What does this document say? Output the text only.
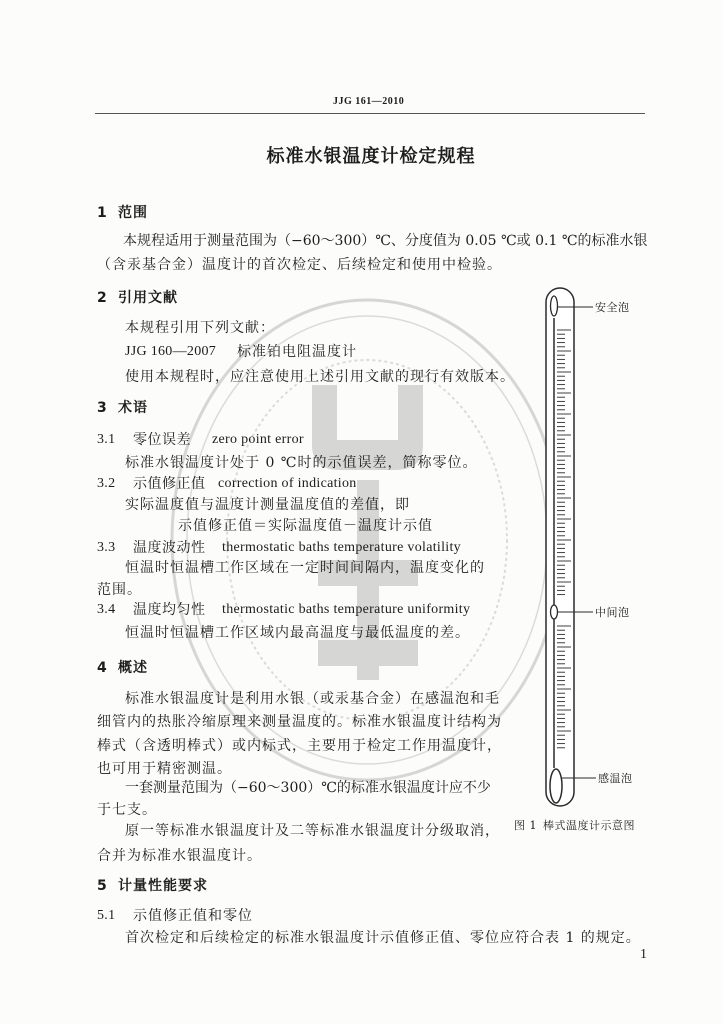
JJG 161—2010
标准水银温度计检定规程
1 范围
本规程适用于测量范围为（−60～300）℃、分度值为 0.05 ℃或 0.1 ℃的标准水银
（含汞基合金）温度计的首次检定、后续检定和使用中检验。
2 引用文献
本规程引用下列文献：
JJG 160—2007 标准铂电阻温度计
使用本规程时，应注意使用上述引用文献的现行有效版本。
3 术语
3.1 零位误差 zero point error
标准水银温度计处于 0 ℃时的示值误差，简称零位。
3.2 示值修正值 correction of indication
实际温度值与温度计测量温度值的差值，即
示值修正值＝实际温度值－温度计示值
3.3 温度波动性 thermostatic baths temperature volatility
恒温时恒温槽工作区域在一定时间间隔内，温度变化的
范围。
3.4 温度均匀性 thermostatic baths temperature uniformity
恒温时恒温槽工作区域内最高温度与最低温度的差。
4 概述
标准水银温度计是利用水银（或汞基合金）在感温泡和毛
细管内的热胀冷缩原理来测量温度的。标准水银温度计结构为
棒式（含透明棒式）或内标式，主要用于检定工作用温度计，
也可用于精密测温。
一套测量范围为（−60～300）℃的标准水银温度计应不少
于七支。
原一等标准水银温度计及二等标准水银温度计分级取消，
合并为标准水银温度计。
安全泡
中间泡
感温泡
图 1 棒式温度计示意图
5 计量性能要求
5.1 示值修正值和零位
首次检定和后续检定的标准水银温度计示值修正值、零位应符合表 1 的规定。
1
